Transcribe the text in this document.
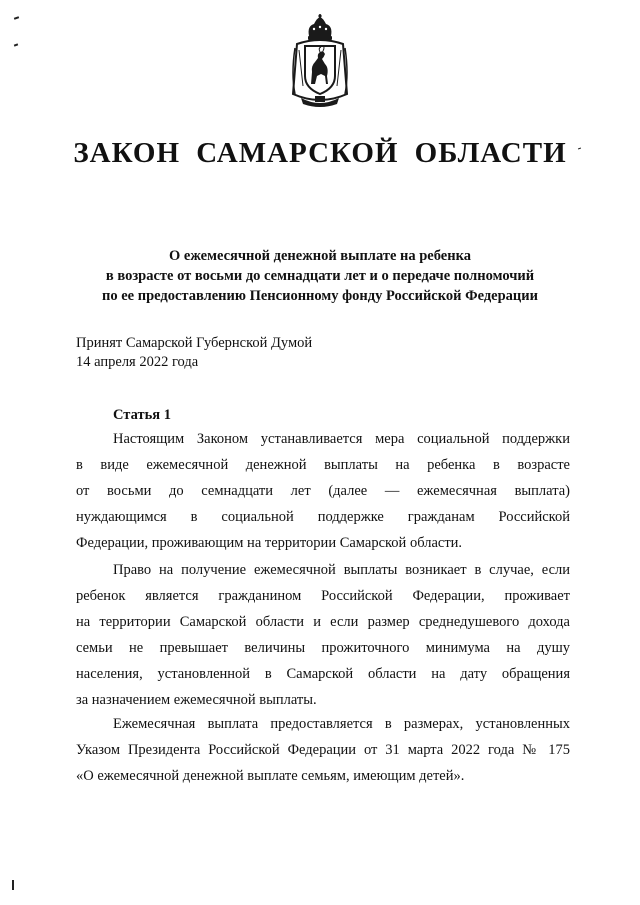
ЗАКОН САМАРСКОЙ ОБЛАСТИ
О ежемесячной денежной выплате на ребенка
в возрасте от восьми до семнадцати лет и о передаче полномочий
по ее предоставлению Пенсионному фонду Российской Федерации
Принят Самарской Губернской Думой
14 апреля 2022 года
Статья 1
Настоящим Законом устанавливается мера социальной поддержки
в виде ежемесячной денежной выплаты на ребенка в возрасте
от восьми до семнадцати лет (далее — ежемесячная выплата)
нуждающимся в социальной поддержке гражданам Российской
Федерации, проживающим на территории Самарской области.
Право на получение ежемесячной выплаты возникает в случае, если
ребенок является гражданином Российской Федерации, проживает
на территории Самарской области и если размер среднедушевого дохода
семьи не превышает величины прожиточного минимума на душу
населения, установленной в Самарской области на дату обращения
за назначением ежемесячной выплаты.
Ежемесячная выплата предоставляется в размерах, установленных
Указом Президента Российской Федерации от 31 марта 2022 года № 175
«О ежемесячной денежной выплате семьям, имеющим детей».
